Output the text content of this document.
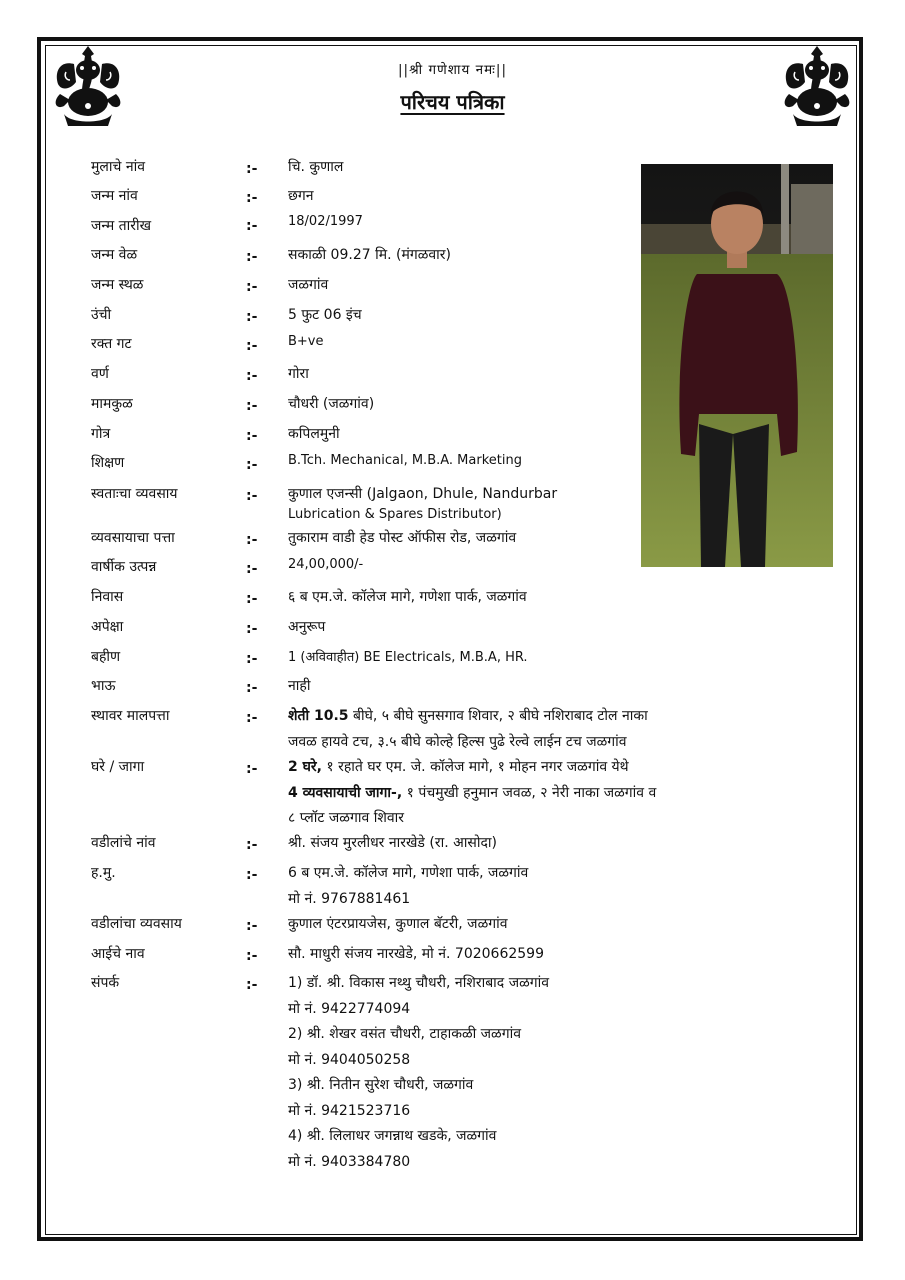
||श्री गणेशाय नमः||
परिचय पत्रिका
मुलाचे नांव	:- चि. कुणाल
जन्म नांव	:- छगन
जन्म तारीख	:- 18/02/1997
जन्म वेळ	:- सकाळी 09.27 मि. (मंगळवार)
जन्म स्थळ	:- जळगांव
उंची	:- 5 फुट 06 इंच
रक्त गट	:- B+ve
वर्ण	:- गोरा
मामकुळ	:- चौधरी (जळगांव)
गोत्र	:- कपिलमुनी
शिक्षण	:- B.Tch. Mechanical, M.B.A. Marketing
स्वताःचा व्यवसाय	:- कुणाल एजन्सी (Jalgaon, Dhule, Nandurbar
Lubrication & Spares Distributor)
व्यवसायाचा पत्ता	:- तुकाराम वाडी हेड पोस्ट ऑफीस रोड, जळगांव
वार्षीक उत्पन्न	:- 24,00,000/-
निवास	:- ६ ब एम.जे. कॉलेज मागे, गणेशा पार्क, जळगांव
अपेक्षा	:- अनुरूप
बहीण	:- 1 (अविवाहीत) BE Electricals, M.B.A, HR.
भाऊ	:- नाही
स्थावर मालपत्ता	:- शेती 10.5 बीघे, ५ बीघे सुनसगाव शिवार, २ बीघे नशिराबाद टोल नाका
जवळ हायवे टच, ३.५ बीघे कोल्हे हिल्स पुढे रेल्वे लाईन टच जळगांव
घरे / जागा	:- 2 घरे, १ रहाते घर एम. जे. कॉलेज मागे, १ मोहन नगर जळगांव येथे
4 व्यवसायाची जागा-, १ पंचमुखी हनुमान जवळ, २ नेरी नाका जळगांव व
८ प्लॉट जळगाव शिवार
वडीलांचे नांव	:- श्री. संजय मुरलीधर नारखेडे (रा. आसोदा)
ह.मु.	:- 6 ब एम.जे. कॉलेज मागे, गणेशा पार्क, जळगांव
मो नं. 9767881461
वडीलांचा व्यवसाय	:- कुणाल एंटरप्रायजेस, कुणाल बॅटरी, जळगांव
आईचे नाव	:- सौ. माधुरी संजय नारखेडे, मो नं. 7020662599
संपर्क	:- 1) डॉ. श्री. विकास नथ्थु चौधरी, नशिराबाद जळगांव
मो नं. 9422774094
2) श्री. शेखर वसंत चौधरी, टाहाकळी जळगांव
मो नं. 9404050258
3) श्री. नितीन सुरेश चौधरी, जळगांव
मो नं. 9421523716
4) श्री. लिलाधर जगन्नाथ खडके, जळगांव
मो नं. 9403384780
